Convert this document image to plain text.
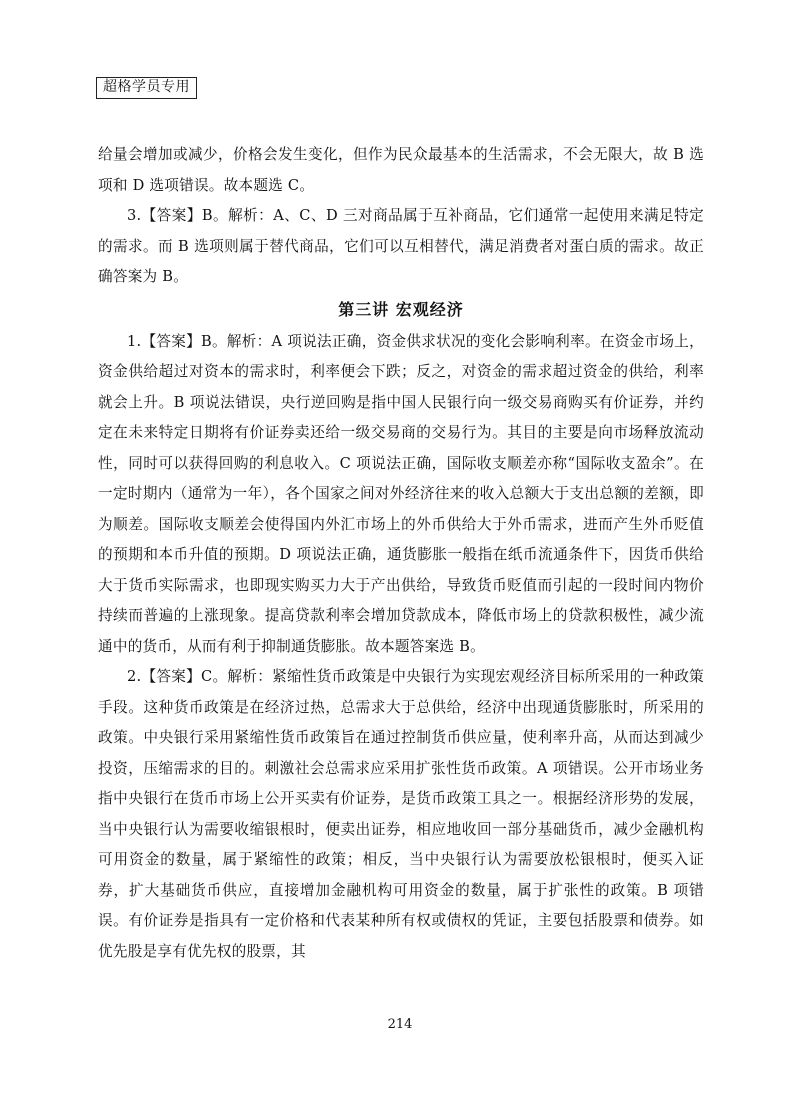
超格学员专用

给量会增加或减少，价格会发生变化，但作为民众最基本的生活需求，不会无限大，故 B 选项和 D 选项错误。故本题选 C。

3.【答案】B。解析：A、C、D 三对商品属于互补商品，它们通常一起使用来满足特定的需求。而 B 选项则属于替代商品，它们可以互相替代，满足消费者对蛋白质的需求。故正确答案为 B。

第三讲 宏观经济

1.【答案】B。解析：A 项说法正确，资金供求状况的变化会影响利率。在资金市场上，资金供给超过对资本的需求时，利率便会下跌；反之，对资金的需求超过资金的供给，利率就会上升。B 项说法错误，央行逆回购是指中国人民银行向一级交易商购买有价证券，并约定在未来特定日期将有价证券卖还给一级交易商的交易行为。其目的主要是向市场释放流动性，同时可以获得回购的利息收入。C 项说法正确，国际收支顺差亦称“国际收支盈余”。在一定时期内（通常为一年），各个国家之间对外经济往来的收入总额大于支出总额的差额，即为顺差。国际收支顺差会使得国内外汇市场上的外币供给大于外币需求，进而产生外币贬值的预期和本币升值的预期。D 项说法正确，通货膨胀一般指在纸币流通条件下，因货币供给大于货币实际需求，也即现实购买力大于产出供给，导致货币贬值而引起的一段时间内物价持续而普遍的上涨现象。提高贷款利率会增加贷款成本，降低市场上的贷款积极性，减少流通中的货币，从而有利于抑制通货膨胀。故本题答案选 B。

2.【答案】C。解析：紧缩性货币政策是中央银行为实现宏观经济目标所采用的一种政策手段。这种货币政策是在经济过热，总需求大于总供给，经济中出现通货膨胀时，所采用的政策。中央银行采用紧缩性货币政策旨在通过控制货币供应量，使利率升高，从而达到减少投资，压缩需求的目的。刺激社会总需求应采用扩张性货币政策。A 项错误。公开市场业务指中央银行在货币市场上公开买卖有价证券，是货币政策工具之一。根据经济形势的发展，当中央银行认为需要收缩银根时，便卖出证券，相应地收回一部分基础货币，减少金融机构可用资金的数量，属于紧缩性的政策；相反，当中央银行认为需要放松银根时，便买入证券，扩大基础货币供应，直接增加金融机构可用资金的数量，属于扩张性的政策。B 项错误。有价证券是指具有一定价格和代表某种所有权或债权的凭证，主要包括股票和债券。如优先股是享有优先权的股票，其

214
